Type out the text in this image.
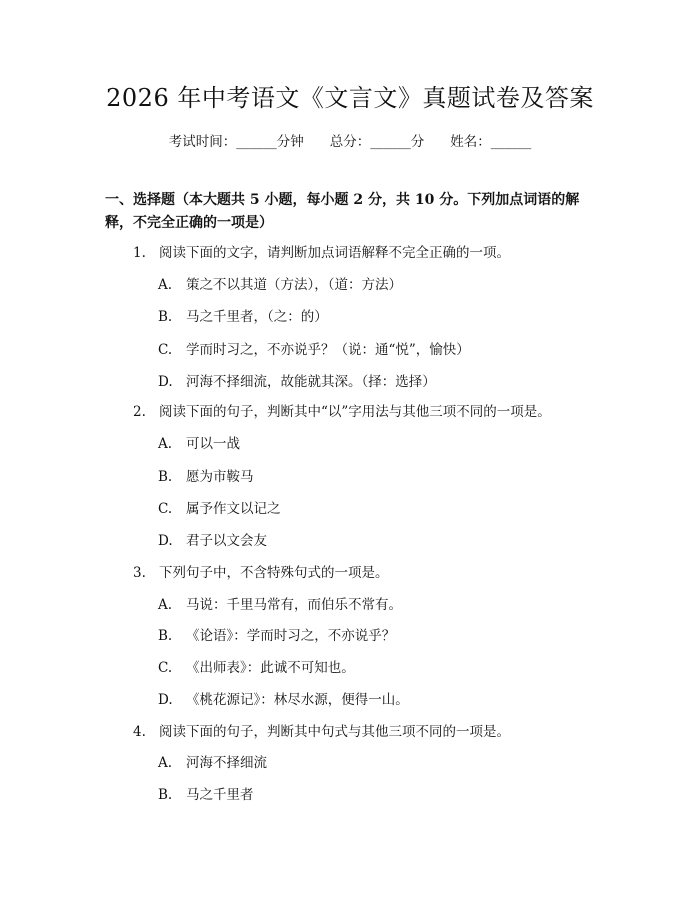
2026 年中考语文《文言文》真题试卷及答案
考试时间：______分钟 总分：______分 姓名：______
一、选择题（本大题共 5 小题，每小题 2 分，共 10 分。下列加点词语的解释，不完全正确的一项是）
1. 阅读下面的文字，请判断加点词语解释不完全正确的一项。
A. 策之不以其道（方法），（道：方法）
B. 马之千里者，（之：的）
C. 学而时习之，不亦说乎？（说：通“悦”，愉快）
D. 河海不择细流，故能就其深。（择：选择）
2. 阅读下面的句子，判断其中“以”字用法与其他三项不同的一项是。
A. 可以一战
B. 愿为市鞍马
C. 属予作文以记之
D. 君子以文会友
3. 下列句子中，不含特殊句式的一项是。
A. 马说：千里马常有，而伯乐不常有。
B. 《论语》：学而时习之，不亦说乎？
C. 《出师表》：此诚不可知也。
D. 《桃花源记》：林尽水源，便得一山。
4. 阅读下面的句子，判断其中句式与其他三项不同的一项是。
A. 河海不择细流
B. 马之千里者
